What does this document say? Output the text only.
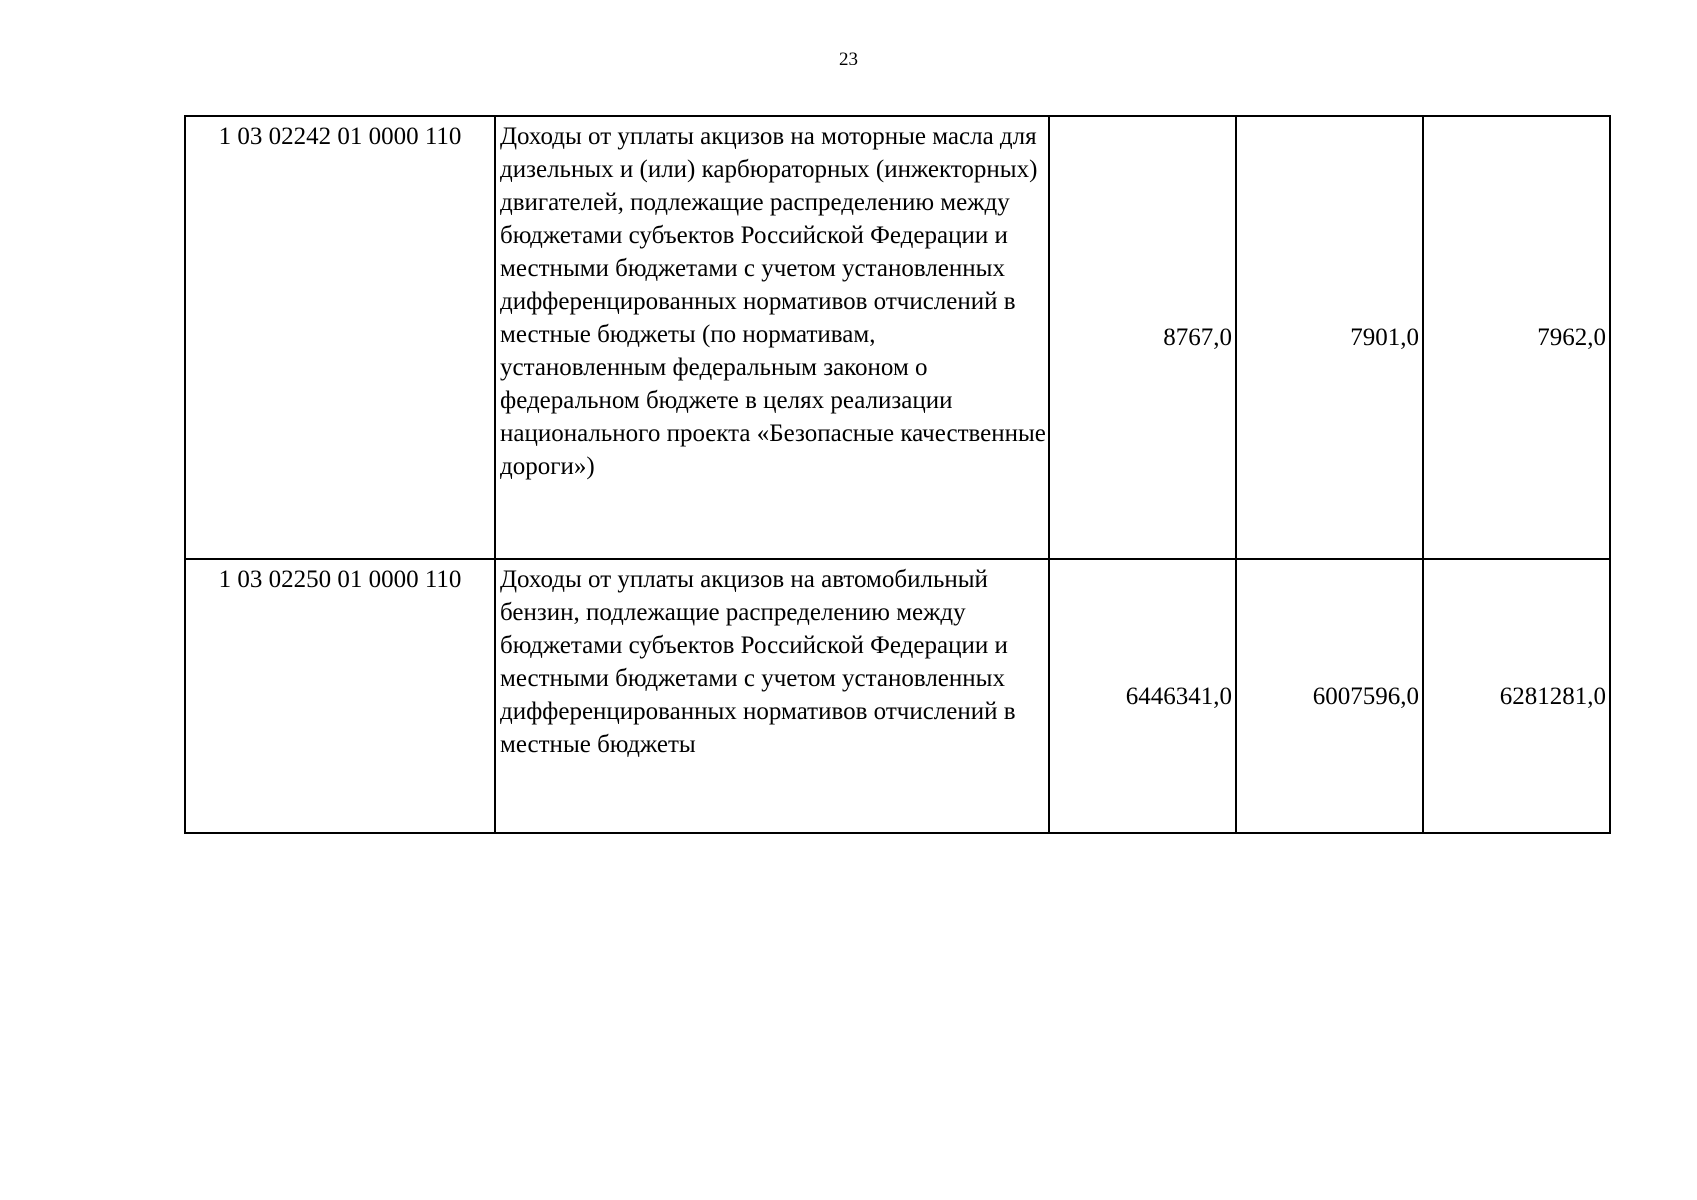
23
1 03 02242 01 0000 110	Доходы от уплаты акцизов на моторные масла для дизельных и (или) карбюраторных (инжекторных) двигателей, подлежащие распределению между бюджетами субъектов Российской Федерации и местными бюджетами с учетом установленных дифференцированных нормативов отчислений в местные бюджеты (по нормативам, установленным федеральным законом о федеральном бюджете в целях реализации национального проекта «Безопасные качественные дороги»)	8767,0	7901,0	7962,0
1 03 02250 01 0000 110	Доходы от уплаты акцизов на автомобильный бензин, подлежащие распределению между бюджетами субъектов Российской Федерации и местными бюджетами с учетом установленных дифференцированных нормативов отчислений в местные бюджеты	6446341,0	6007596,0	6281281,0
